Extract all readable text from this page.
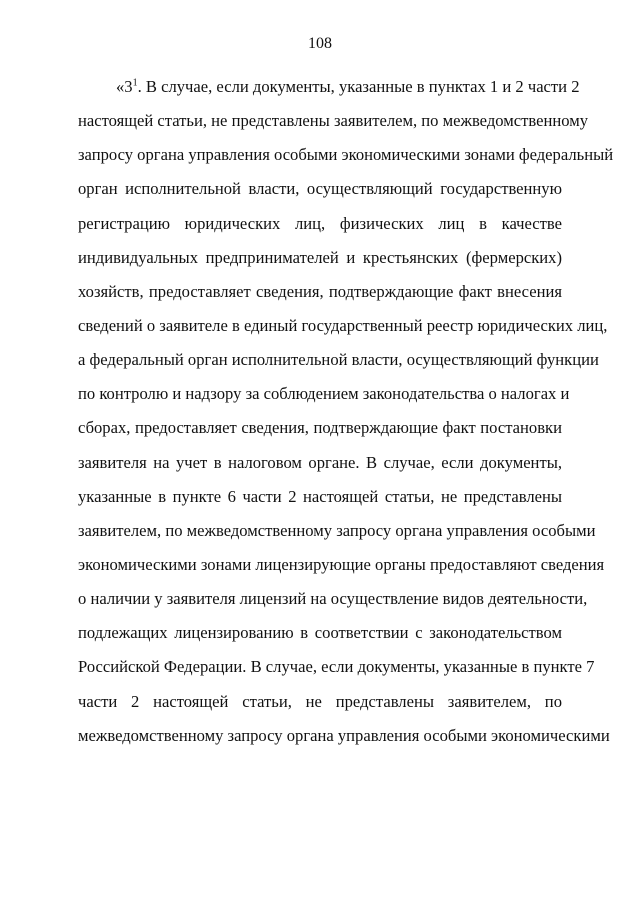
108
«$3^1$. В случае, если документы, указанные в пунктах 1 и 2 части 2
настоящей статьи, не представлены заявителем, по межведомственному
запросу органа управления особыми экономическими зонами федеральный
орган исполнительной власти, осуществляющий государственную
регистрацию юридических лиц, физических лиц в качестве
индивидуальных предпринимателей и крестьянских (фермерских)
хозяйств, предоставляет сведения, подтверждающие факт внесения
сведений о заявителе в единый государственный реестр юридических лиц,
а федеральный орган исполнительной власти, осуществляющий функции
по контролю и надзору за соблюдением законодательства о налогах и
сборах, предоставляет сведения, подтверждающие факт постановки
заявителя на учет в налоговом органе. В случае, если документы,
указанные в пункте 6 части 2 настоящей статьи, не представлены
заявителем, по межведомственному запросу органа управления особыми
экономическими зонами лицензирующие органы предоставляют сведения
о наличии у заявителя лицензий на осуществление видов деятельности,
подлежащих лицензированию в соответствии с законодательством
Российской Федерации. В случае, если документы, указанные в пункте 7
части 2 настоящей статьи, не представлены заявителем, по
межведомственному запросу органа управления особыми экономическими
